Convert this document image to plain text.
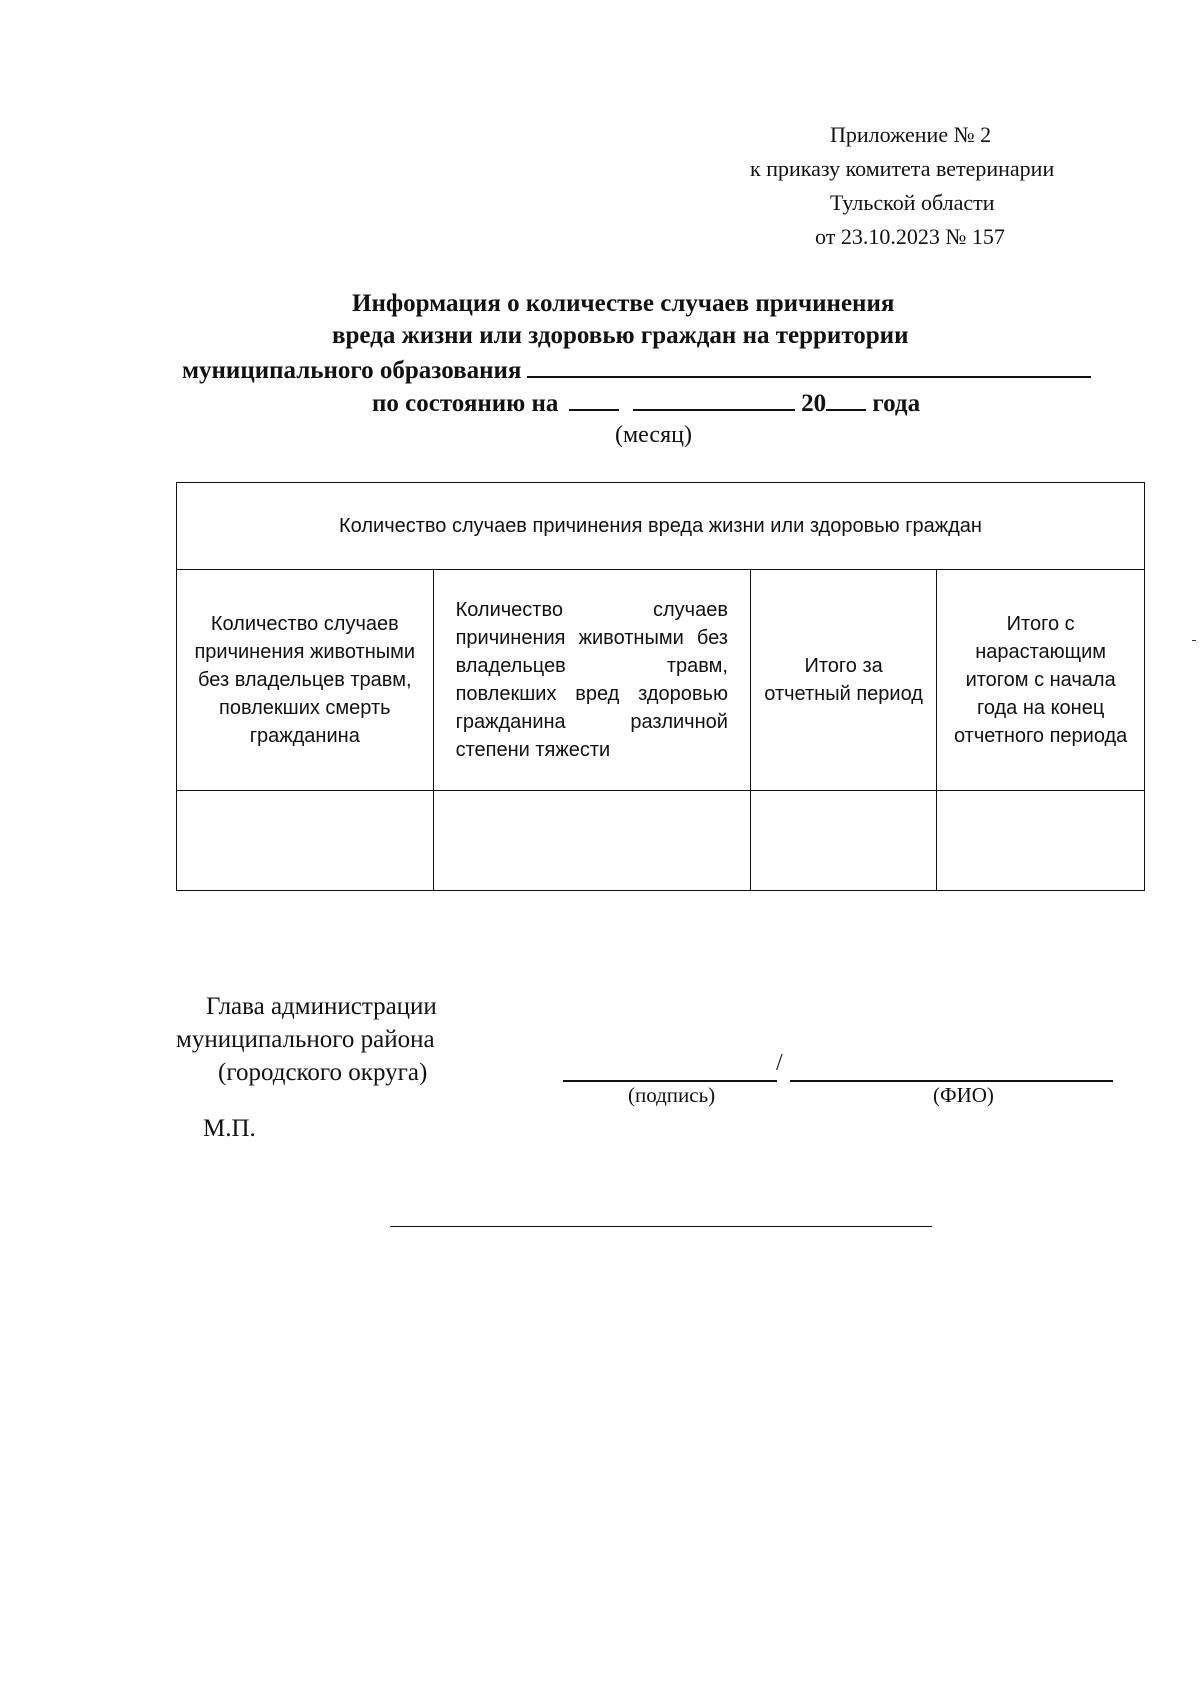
Приложение № 2
к приказу комитета ветеринарии
Тульской области
от 23.10.2023 № 157
Информация о количестве случаев причинения
вреда жизни или здоровью граждан на территории
муниципального образования
по состоянию на	20 года
(месяц)
Количество случаев причинения вреда жизни или здоровью граждан			
Количество случаев причинения животными без владельцев травм, повлекших смерть гражданина	Количество случаев причинения животными без владельцев травм, повлекших вред здоровью гражданина различной степени тяжести	Итого за отчетный период	Итого с нарастающим итогом с начала года на конец отчетного периода

Глава администрации
муниципального района
(городского округа)	/
(подпись)	(ФИО)
М.П.
